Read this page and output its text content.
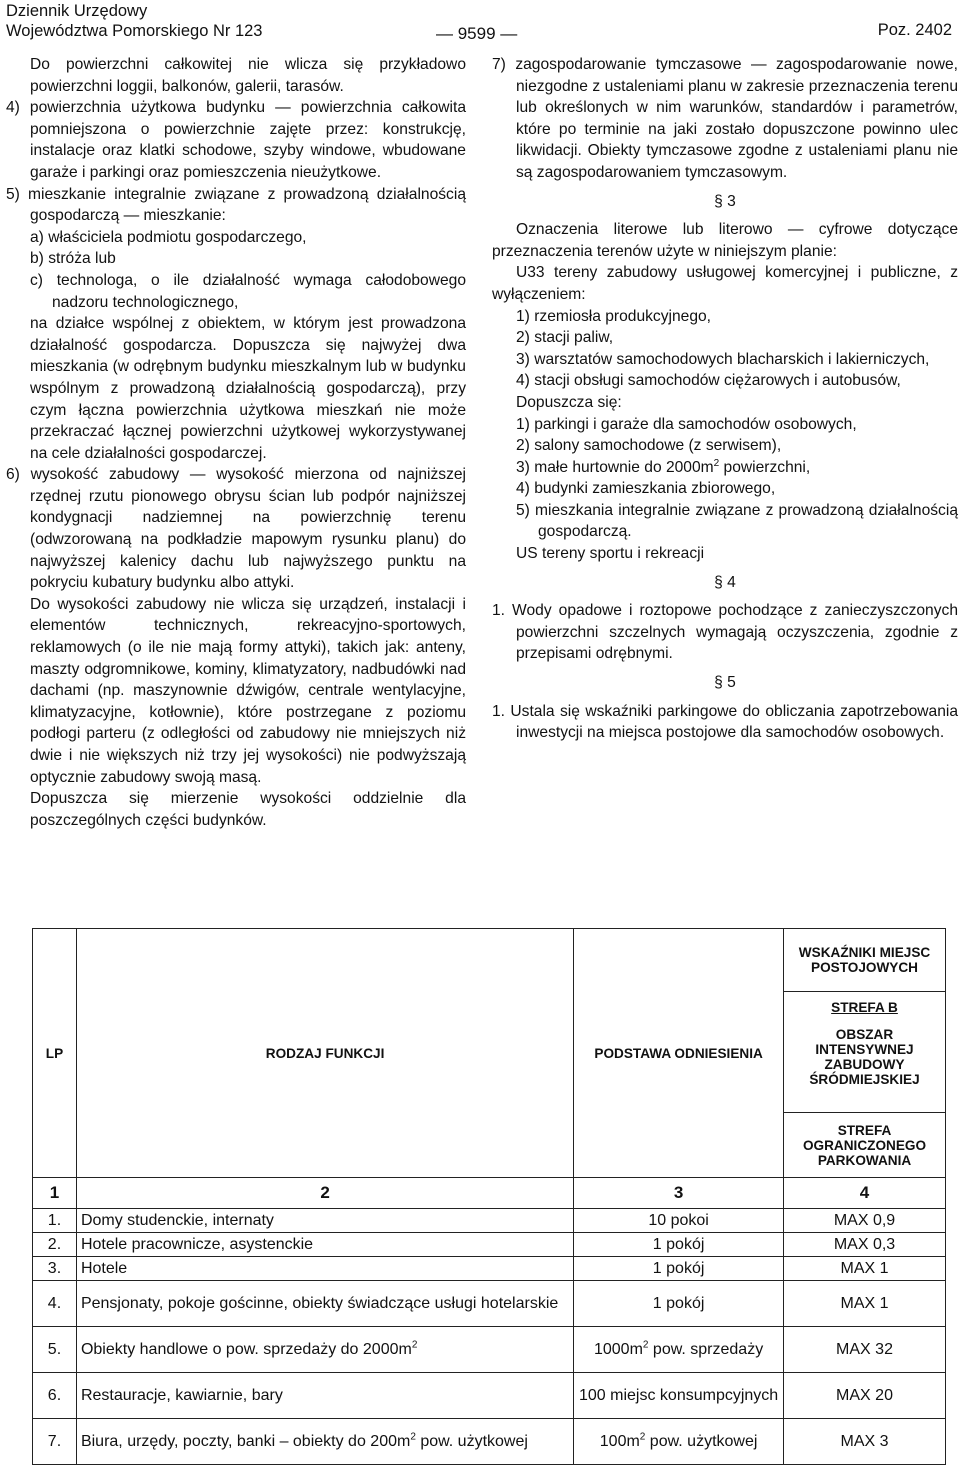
Dziennik Urzędowy
Województwa Pomorskiego Nr 123	— 9599 —	Poz. 2402

Do powierzchni całkowitej nie wlicza się przykładowo powierzchni loggii, balkonów, galerii, tarasów.

4) powierzchnia użytkowa budynku — powierzchnia całkowita pomniejszona o powierzchnie zajęte przez: konstrukcję, instalacje oraz klatki schodowe, szyby windowe, wbudowane garaże i parkingi oraz pomieszczenia nieużytkowe.

5) mieszkanie integralnie związane z prowadzoną działalnością gospodarczą — mieszkanie:

a) właściciela podmiotu gospodarczego,

b) stróża lub

c) technologa, o ile działalność wymaga całodobowego nadzoru technologicznego,

na działce wspólnej z obiektem, w którym jest prowadzona działalność gospodarcza. Dopuszcza się najwyżej dwa mieszkania (w odrębnym budynku mieszkalnym lub w budynku wspólnym z prowadzoną działalnością gospodarczą), przy czym łączna powierzchnia użytkowa mieszkań nie może przekraczać łącznej powierzchni użytkowej wykorzystywanej na cele działalności gospodarczej.

6) wysokość zabudowy — wysokość mierzona od najniższej rzędnej rzutu pionowego obrysu ścian lub podpór najniższej kondygnacji nadziemnej na powierzchnię terenu (odwzorowaną na podkładzie mapowym rysunku planu) do najwyższej kalenicy dachu lub najwyższego punktu na pokryciu kubatury budynku albo attyki.

Do wysokości zabudowy nie wlicza się urządzeń, instalacji i elementów technicznych, rekreacyjno-sportowych, reklamowych (o ile nie mają formy attyki), takich jak: anteny, maszty odgromnikowe, kominy, klimatyzatory, nadbudówki nad dachami (np. maszynownie dźwigów, centrale wentylacyjne, klimatyzacyjne, kotłownie), które postrzegane z poziomu podłogi parteru (z odległości od zabudowy nie mniejszych niż dwie i nie większych niż trzy jej wysokości) nie podwyższają optycznie zabudowy swoją masą.

Dopuszcza się mierzenie wysokości oddzielnie dla poszczególnych części budynków.

7) zagospodarowanie tymczasowe — zagospodarowanie nowe, niezgodne z ustaleniami planu w zakresie przeznaczenia terenu lub określonych w nim warunków, standardów i parametrów, które po terminie na jaki zostało dopuszczone powinno ulec likwidacji. Obiekty tymczasowe zgodne z ustaleniami planu nie są zagospodarowaniem tymczasowym.

§ 3

Oznaczenia literowe lub literowo — cyfrowe dotyczące przeznaczenia terenów użyte w niniejszym planie:

U33 tereny zabudowy usługowej komercyjnej i publiczne, z wyłączeniem:

1) rzemiosła produkcyjnego,

2) stacji paliw,

3) warsztatów samochodowych blacharskich i lakierniczych,

4) stacji obsługi samochodów ciężarowych i autobusów,

Dopuszcza się:

1) parkingi i garaże dla samochodów osobowych,

2) salony samochodowe (z serwisem),

3) małe hurtownie do $2000m^2$ powierzchni,

4) budynki zamieszkania zbiorowego,

5) mieszkania integralnie związane z prowadzoną działalnością gospodarczą.

US tereny sportu i rekreacji

§ 4

1. Wody opadowe i roztopowe pochodzące z zanieczyszczonych powierzchni szczelnych wymagają oczyszczenia, zgodnie z przepisami odrębnymi.

§ 5

1. Ustala się wskaźniki parkingowe do obliczania zapotrzebowania inwestycji na miejsca postojowe dla samochodów osobowych.

LP	RODZAJ FUNKCJI	PODSTAWA ODNIESIENIA	WSKAŹNIKI MIEJSC POSTOJOWYCH

			STREFA B
OBSZAR INTENSYWNEJ ZABUDOWY ŚRÓDMIEJSKIEJ

			STREFA OGRANICZONEGO PARKOWANIA
1	2	3	4
1.	Domy studenckie, internaty	10 pokoi	MAX 0,9
2.	Hotele pracownicze, asystenckie	1 pokój	MAX 0,3
3.	Hotele	1 pokój	MAX 1
4.	Pensjonaty, pokoje gościnne, obiekty świadczące usługi hotelarskie	1 pokój	MAX 1
5.	Obiekty handlowe o pow. sprzedaży do $2000m^2$	$1000m^2$ pow. sprzedaży	MAX 32
6.	Restauracje, kawiarnie, bary	100 miejsc konsumpcyjnych	MAX 20
7.	Biura, urzędy, poczty, banki – obiekty do $200m^2$ pow. użytkowej	$100m^2$ pow. użytkowej	MAX 3
